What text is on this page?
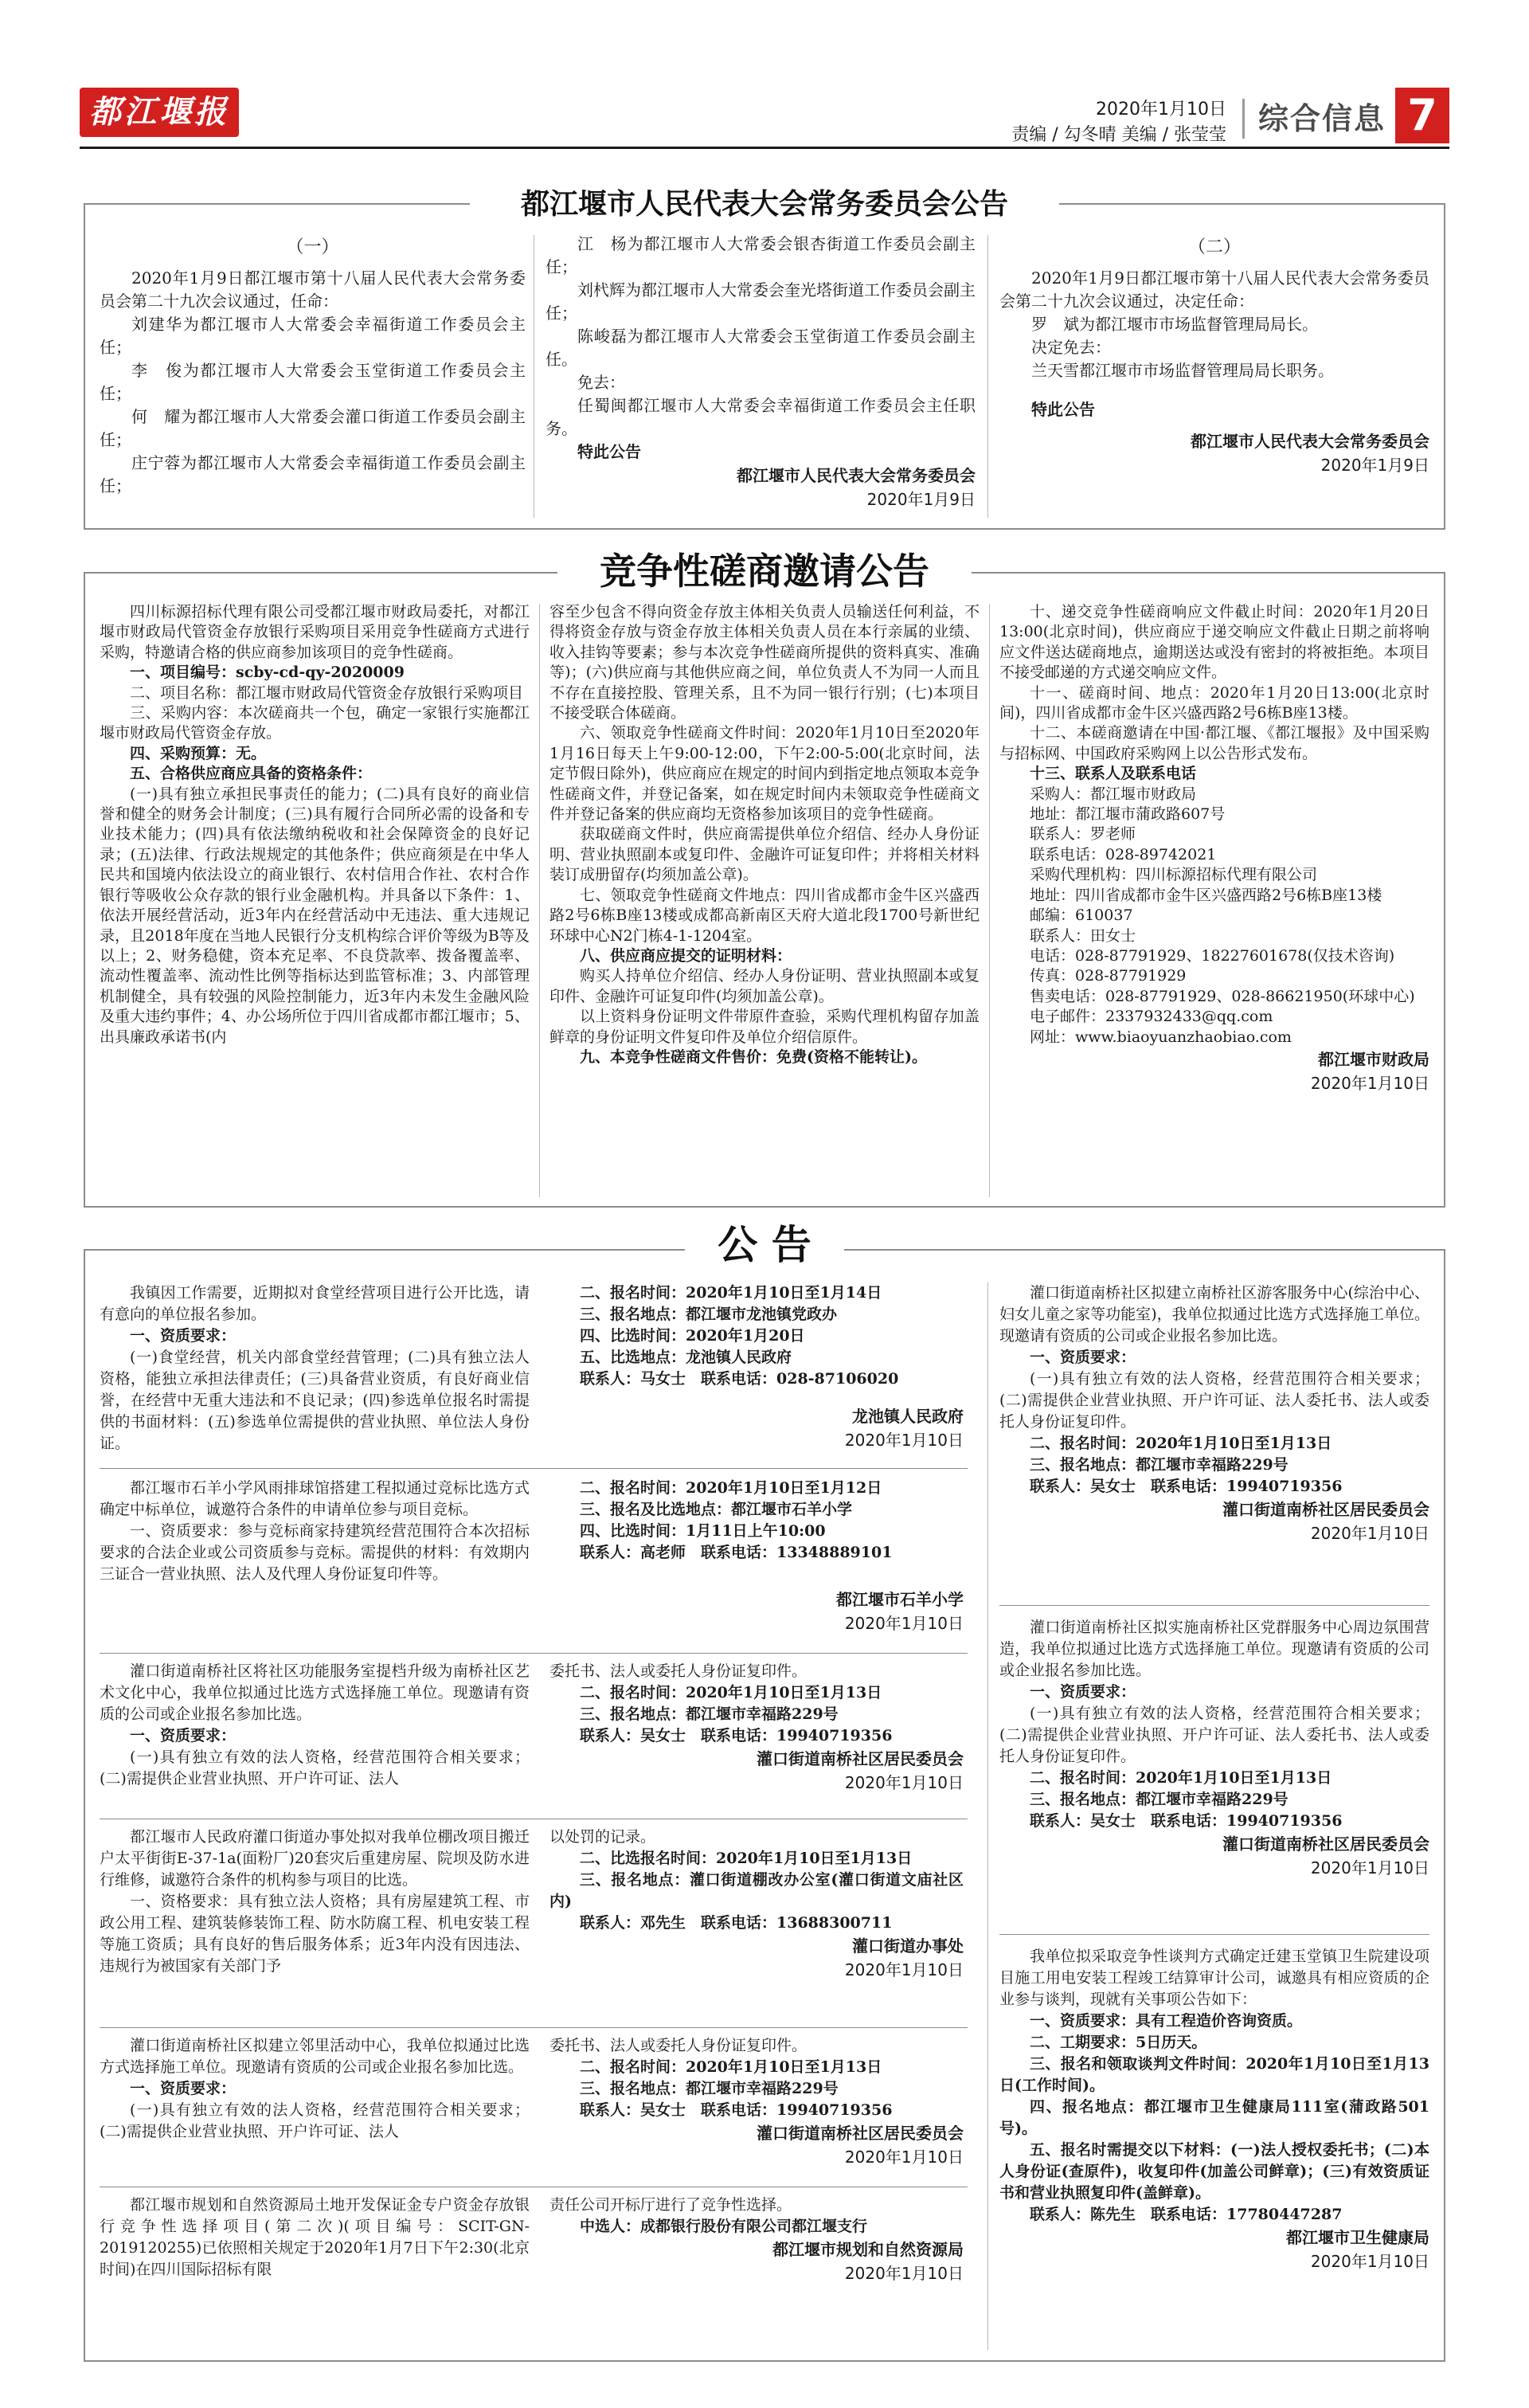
都江堰报	2020年1月10日
责编 / 勾冬晴 美编 / 张莹莹 综合信息 7
都江堰市人民代表大会常务委员会公告
（一）

2020年1月9日都江堰市第十八届人民代表大会常务委员会第二十九次会议通过，任命：

刘建华为都江堰市人大常委会幸福街道工作委员会主任；

李　俊为都江堰市人大常委会玉堂街道工作委员会主任；

何　耀为都江堰市人大常委会灌口街道工作委员会副主任；

庄宁蓉为都江堰市人大常委会幸福街道工作委员会副主任；

江　杨为都江堰市人大常委会银杏街道工作委员会副主任；

刘杙辉为都江堰市人大常委会奎光塔街道工作委员会副主任；

陈峻磊为都江堰市人大常委会玉堂街道工作委员会副主任。

免去：

任蜀闽都江堰市人大常委会幸福街道工作委员会主任职务。

特此公告

都江堰市人民代表大会常务委员会
2020年1月9日
（二）

2020年1月9日都江堰市第十八届人民代表大会常务委员会第二十九次会议通过，决定任命：

罗　斌为都江堰市市场监督管理局局长。

决定免去：

兰天雪都江堰市市场监督管理局局长职务。

特此公告

都江堰市人民代表大会常务委员会
2020年1月9日
竞争性磋商邀请公告

四川标源招标代理有限公司受都江堰市财政局委托，对都江堰市财政局代管资金存放银行采购项目采用竞争性磋商方式进行采购，特邀请合格的供应商参加该项目的竞争性磋商。

一、项目编号：scby-cd-qy-2020009

二、项目名称：都江堰市财政局代管资金存放银行采购项目

三、采购内容：本次磋商共一个包，确定一家银行实施都江堰市财政局代管资金存放。

四、采购预算：无。

五、合格供应商应具备的资格条件：

(一)具有独立承担民事责任的能力；(二)具有良好的商业信誉和健全的财务会计制度；(三)具有履行合同所必需的设备和专业技术能力；(四)具有依法缴纳税收和社会保障资金的良好记录；(五)法律、行政法规规定的其他条件；供应商须是在中华人民共和国境内依法设立的商业银行、农村信用合作社、农村合作银行等吸收公众存款的银行业金融机构。并具备以下条件：1、依法开展经营活动，近3年内在经营活动中无违法、重大违规记录，且2018年度在当地人民银行分支机构综合评价等级为B等及以上；2、财务稳健，资本充足率、不良贷款率、拨备覆盖率、流动性覆盖率、流动性比例等指标达到监管标准；3、内部管理机制健全，具有较强的风险控制能力，近3年内未发生金融风险及重大违约事件；4、办公场所位于四川省成都市都江堰市；5、出具廉政承诺书(内

容至少包含不得向资金存放主体相关负责人员输送任何利益，不得将资金存放与资金存放主体相关负责人员在本行亲属的业绩、收入挂钩等要素；参与本次竞争性磋商所提供的资料真实、准确等)；(六)供应商与其他供应商之间，单位负责人不为同一人而且不存在直接控股、管理关系，且不为同一银行行别；(七)本项目不接受联合体磋商。

六、领取竞争性磋商文件时间：2020年1月10日至2020年1月16日每天上午9:00-12:00，下午2:00-5:00(北京时间，法定节假日除外)，供应商应在规定的时间内到指定地点领取本竞争性磋商文件，并登记备案，如在规定时间内未领取竞争性磋商文件并登记备案的供应商均无资格参加该项目的竞争性磋商。

获取磋商文件时，供应商需提供单位介绍信、经办人身份证明、营业执照副本或复印件、金融许可证复印件；并将相关材料装订成册留存(均须加盖公章)。

七、领取竞争性磋商文件地点：四川省成都市金牛区兴盛西路2号6栋B座13楼或成都高新南区天府大道北段1700号新世纪环球中心N2门栋4-1-1204室。

八、供应商应提交的证明材料：

购买人持单位介绍信、经办人身份证明、营业执照副本或复印件、金融许可证复印件(均须加盖公章)。

以上资料身份证明文件带原件查验，采购代理机构留存加盖鲜章的身份证明文件复印件及单位介绍信原件。

九、本竞争性磋商文件售价：免费(资格不能转让)。

十、递交竞争性磋商响应文件截止时间：2020年1月20日13:00(北京时间)，供应商应于递交响应文件截止日期之前将响应文件送达磋商地点，逾期送达或没有密封的将被拒绝。本项目不接受邮递的方式递交响应文件。

十一、磋商时间、地点：2020年1月20日13:00(北京时间)，四川省成都市金牛区兴盛西路2号6栋B座13楼。

十二、本磋商邀请在中国·都江堰、《都江堰报》及中国采购与招标网、中国政府采购网上以公告形式发布。

十三、联系人及联系电话

采购人：都江堰市财政局

地址：都江堰市蒲政路607号

联系人：罗老师

联系电话：028-89742021

采购代理机构：四川标源招标代理有限公司

地址：四川省成都市金牛区兴盛西路2号6栋B座13楼

邮编：610037

联系人：田女士

电话：028-87791929、18227601678(仅技术咨询)

传真：028-87791929

售卖电话：028-87791929、028-86621950(环球中心)

电子邮件：2337932433@qq.com

网址：www.biaoyuanzhaobiao.com

都江堰市财政局
2020年1月10日
公 告

我镇因工作需要，近期拟对食堂经营项目进行公开比选，请有意向的单位报名参加。

一、资质要求：

(一)食堂经营，机关内部食堂经营管理；(二)具有独立法人资格，能独立承担法律责任；(三)具备营业资质，有良好商业信誉，在经营中无重大违法和不良记录；(四)参选单位报名时需提供的书面材料：(五)参选单位需提供的营业执照、单位法人身份证。

二、报名时间：2020年1月10日至1月14日

三、报名地点：都江堰市龙池镇党政办

四、比选时间：2020年1月20日

五、比选地点：龙池镇人民政府

联系人：马女士　联系电话：028-87106020

龙池镇人民政府
2020年1月10日

都江堰市石羊小学风雨排球馆搭建工程拟通过竞标比选方式确定中标单位，诚邀符合条件的申请单位参与项目竞标。

一、资质要求：参与竞标商家持建筑经营范围符合本次招标要求的合法企业或公司资质参与竞标。需提供的材料：有效期内三证合一营业执照、法人及代理人身份证复印件等。

二、报名时间：2020年1月10日至1月12日

三、报名及比选地点：都江堰市石羊小学

四、比选时间：1月11日上午10:00

联系人：高老师　联系电话：13348889101

都江堰市石羊小学
2020年1月10日

灌口街道南桥社区将社区功能服务室提档升级为南桥社区艺术文化中心，我单位拟通过比选方式选择施工单位。现邀请有资质的公司或企业报名参加比选。

一、资质要求：

(一)具有独立有效的法人资格，经营范围符合相关要求；(二)需提供企业营业执照、开户许可证、法人

委托书、法人或委托人身份证复印件。

二、报名时间：2020年1月10日至1月13日

三、报名地点：都江堰市幸福路229号

联系人：吴女士　联系电话：19940719356

灌口街道南桥社区居民委员会
2020年1月10日

都江堰市人民政府灌口街道办事处拟对我单位棚改项目搬迁户太平街街E-37-1a(面粉厂)20套灾后重建房屋、院坝及防水进行维修，诚邀符合条件的机构参与项目的比选。

一、资格要求：具有独立法人资格；具有房屋建筑工程、市政公用工程、建筑装修装饰工程、防水防腐工程、机电安装工程等施工资质；具有良好的售后服务体系；近3年内没有因违法、违规行为被国家有关部门予

以处罚的记录。

二、比选报名时间：2020年1月10日至1月13日

三、报名地点：灌口街道棚改办公室(灌口街道文庙社区内)

联系人：邓先生　联系电话：13688300711

灌口街道办事处
2020年1月10日

灌口街道南桥社区拟建立邻里活动中心，我单位拟通过比选方式选择施工单位。现邀请有资质的公司或企业报名参加比选。

一、资质要求：

(一)具有独立有效的法人资格，经营范围符合相关要求；(二)需提供企业营业执照、开户许可证、法人

委托书、法人或委托人身份证复印件。

二、报名时间：2020年1月10日至1月13日

三、报名地点：都江堰市幸福路229号

联系人：吴女士　联系电话：19940719356

灌口街道南桥社区居民委员会
2020年1月10日

都江堰市规划和自然资源局土地开发保证金专户资金存放银行竞争性选择项目(第二次)(项目编号：SCIT-GN-2019120255)已依照相关规定于2020年1月7日下午2:30(北京时间)在四川国际招标有限

责任公司开标厅进行了竞争性选择。

中选人：成都银行股份有限公司都江堰支行

都江堰市规划和自然资源局
2020年1月10日

灌口街道南桥社区拟建立南桥社区游客服务中心(综治中心、妇女儿童之家等功能室)，我单位拟通过比选方式选择施工单位。现邀请有资质的公司或企业报名参加比选。

一、资质要求：

(一)具有独立有效的法人资格，经营范围符合相关要求；(二)需提供企业营业执照、开户许可证、法人委托书、法人或委托人身份证复印件。

二、报名时间：2020年1月10日至1月13日

三、报名地点：都江堰市幸福路229号

联系人：吴女士　联系电话：19940719356

灌口街道南桥社区居民委员会
2020年1月10日

灌口街道南桥社区拟实施南桥社区党群服务中心周边氛围营造，我单位拟通过比选方式选择施工单位。现邀请有资质的公司或企业报名参加比选。

一、资质要求：

(一)具有独立有效的法人资格，经营范围符合相关要求；(二)需提供企业营业执照、开户许可证、法人委托书、法人或委托人身份证复印件。

二、报名时间：2020年1月10日至1月13日

三、报名地点：都江堰市幸福路229号

联系人：吴女士　联系电话：19940719356

灌口街道南桥社区居民委员会
2020年1月10日

我单位拟采取竞争性谈判方式确定迁建玉堂镇卫生院建设项目施工用电安装工程竣工结算审计公司，诚邀具有相应资质的企业参与谈判，现就有关事项公告如下：

一、资质要求：具有工程造价咨询资质。

二、工期要求：5日历天。

三、报名和领取谈判文件时间：2020年1月10日至1月13日(工作时间)。

四、报名地点：都江堰市卫生健康局111室(蒲政路501号)。

五、报名时需提交以下材料：(一)法人授权委托书；(二)本人身份证(查原件)，收复印件(加盖公司鲜章)；(三)有效资质证书和营业执照复印件(盖鲜章)。

联系人：陈先生　联系电话：17780447287

都江堰市卫生健康局
2020年1月10日
